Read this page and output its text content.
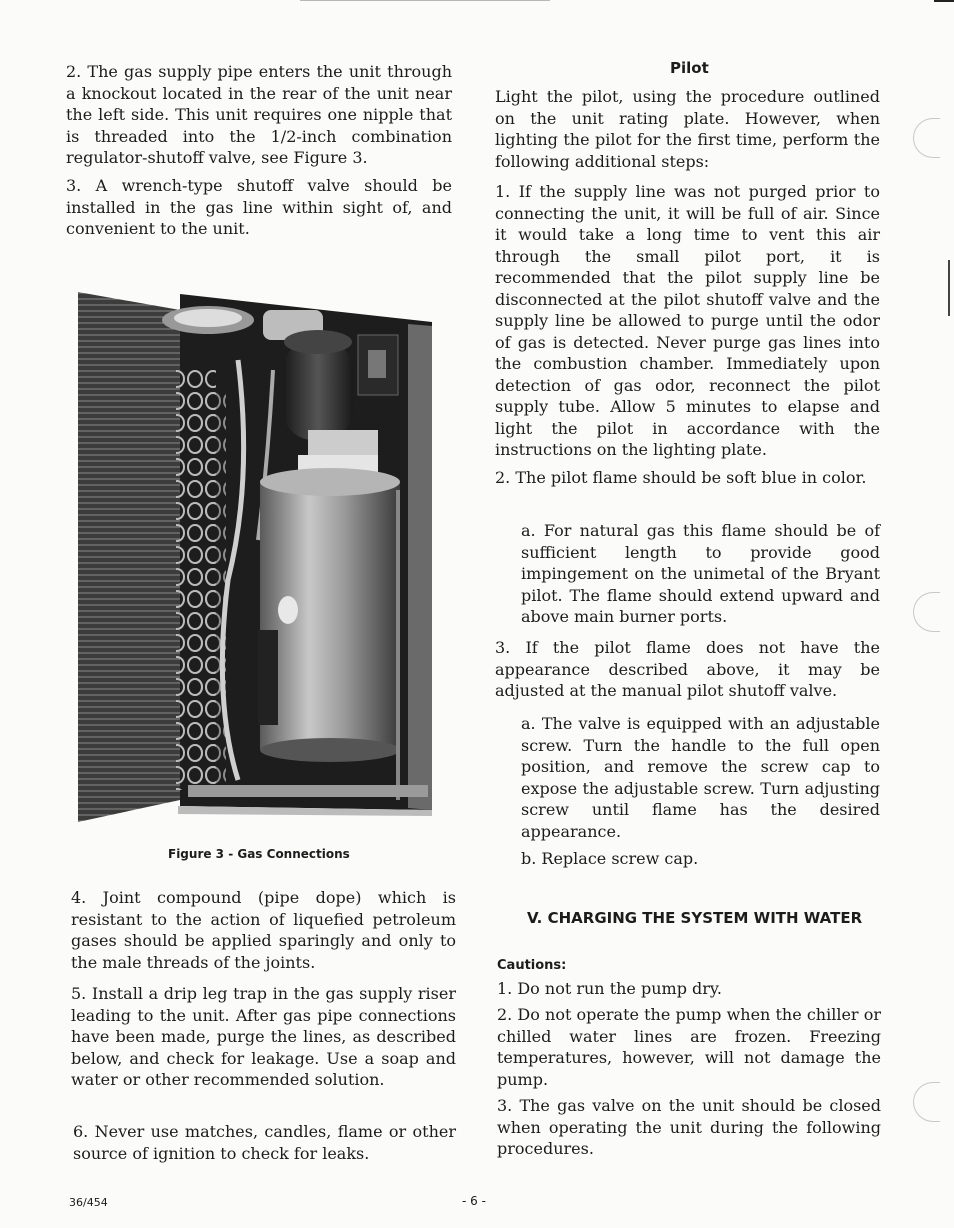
2. The gas supply pipe enters the unit through a knockout located in the rear of the unit near the left side. This unit requires one nipple that is threaded into the 1/2-inch combination regulator-shutoff valve, see Figure 3.

3. A wrench-type shutoff valve should be installed in the gas line within sight of, and convenient to the unit.

Figure 3 - Gas Connections

4. Joint compound (pipe dope) which is resistant to the action of liquefied petroleum gases should be applied sparingly and only to the male threads of the joints.

5. Install a drip leg trap in the gas supply riser leading to the unit. After gas pipe connections have been made, purge the lines, as described below, and check for leakage. Use a soap and water or other recommended solution.

6. Never use matches, candles, flame or other source of ignition to check for leaks.

Pilot

Light the pilot, using the procedure outlined on the unit rating plate. However, when lighting the pilot for the first time, perform the following additional steps:

1. If the supply line was not purged prior to connecting the unit, it will be full of air. Since it would take a long time to vent this air through the small pilot port, it is recommended that the pilot supply line be disconnected at the pilot shutoff valve and the supply line be allowed to purge until the odor of gas is detected. Never purge gas lines into the combustion chamber. Immediately upon detection of gas odor, reconnect the pilot supply tube. Allow 5 minutes to elapse and light the pilot in accordance with the instructions on the lighting plate.

2. The pilot flame should be soft blue in color.

a. For natural gas this flame should be of sufficient length to provide good impingement on the unimetal of the Bryant pilot. The flame should extend upward and above main burner ports.

3. If the pilot flame does not have the appearance described above, it may be adjusted at the manual pilot shutoff valve.

a. The valve is equipped with an adjustable screw. Turn the handle to the full open position, and remove the screw cap to expose the adjustable screw. Turn adjusting screw until flame has the desired appearance.

b. Replace screw cap.

V. CHARGING THE SYSTEM WITH WATER

Cautions:

1. Do not run the pump dry.

2. Do not operate the pump when the chiller or chilled water lines are frozen. Freezing temperatures, however, will not damage the pump.

3. The gas valve on the unit should be closed when operating the unit during the following procedures.

36/454	- 6 -
